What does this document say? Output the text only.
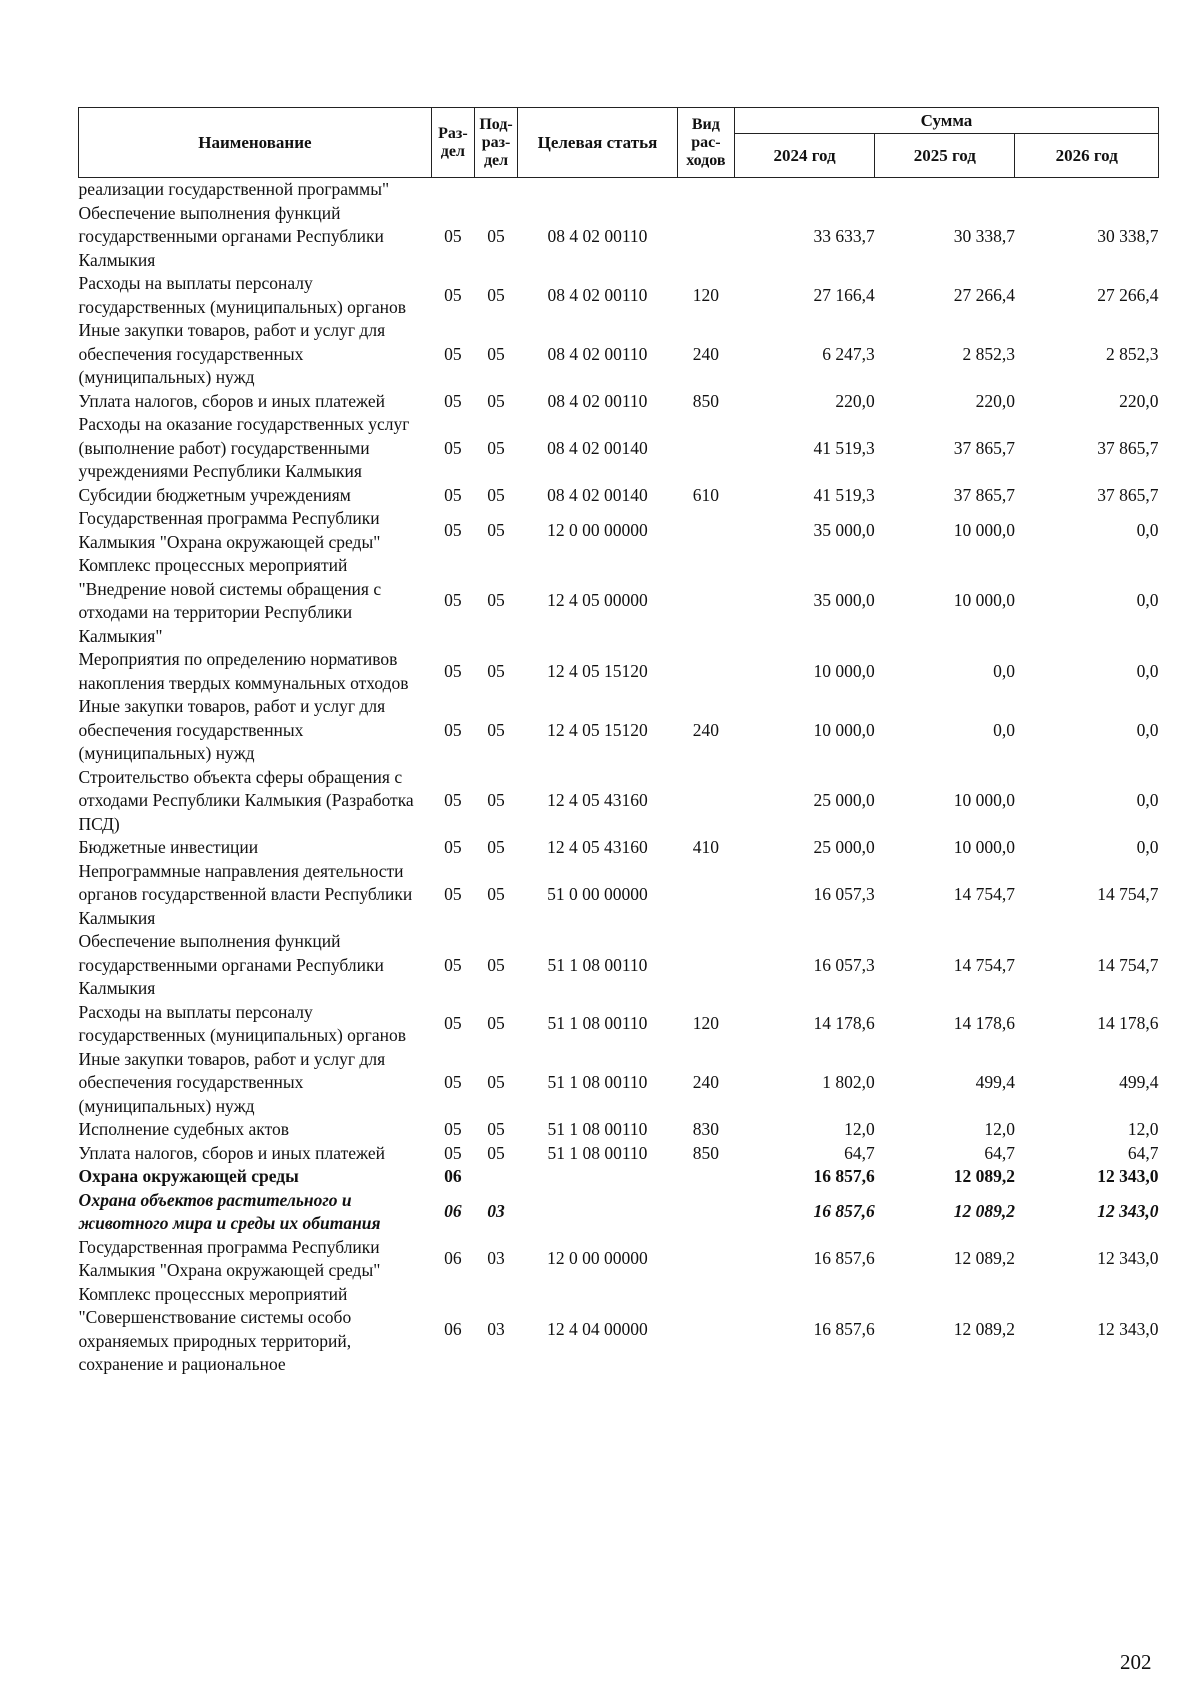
Наименование	Раз-дел	Под-раз-дел	Целевая статья	Вид рас-ходов	Сумма		
					2024 год	2025 год	2026 год
реализации государственной программы"							
Обеспечение выполнения функций государственными органами Республики Калмыкия	05	05	08 4 02 00110		33 633,7	30 338,7	30 338,7
Расходы на выплаты персоналу государственных (муниципальных) органов	05	05	08 4 02 00110	120	27 166,4	27 266,4	27 266,4
Иные закупки товаров, работ и услуг для обеспечения государственных (муниципальных) нужд	05	05	08 4 02 00110	240	6 247,3	2 852,3	2 852,3
Уплата налогов, сборов и иных платежей	05	05	08 4 02 00110	850	220,0	220,0	220,0
Расходы на оказание государственных услуг (выполнение работ) государственными учреждениями Республики Калмыкия	05	05	08 4 02 00140		41 519,3	37 865,7	37 865,7
Субсидии бюджетным учреждениям	05	05	08 4 02 00140	610	41 519,3	37 865,7	37 865,7
Государственная программа Республики Калмыкия "Охрана окружающей среды"	05	05	12 0 00 00000		35 000,0	10 000,0	0,0
Комплекс процессных мероприятий "Внедрение новой системы обращения с отходами на территории Республики Калмыкия"	05	05	12 4 05 00000		35 000,0	10 000,0	0,0
Мероприятия по определению нормативов накопления твердых коммунальных отходов	05	05	12 4 05 15120		10 000,0	0,0	0,0
Иные закупки товаров, работ и услуг для обеспечения государственных (муниципальных) нужд	05	05	12 4 05 15120	240	10 000,0	0,0	0,0
Строительство объекта сферы обращения с отходами Республики Калмыкия (Разработка ПСД)	05	05	12 4 05 43160		25 000,0	10 000,0	0,0
Бюджетные инвестиции	05	05	12 4 05 43160	410	25 000,0	10 000,0	0,0
Непрограммные направления деятельности органов государственной власти Республики Калмыкия	05	05	51 0 00 00000		16 057,3	14 754,7	14 754,7
Обеспечение выполнения функций государственными органами Республики Калмыкия	05	05	51 1 08 00110		16 057,3	14 754,7	14 754,7
Расходы на выплаты персоналу государственных (муниципальных) органов	05	05	51 1 08 00110	120	14 178,6	14 178,6	14 178,6
Иные закупки товаров, работ и услуг для обеспечения государственных (муниципальных) нужд	05	05	51 1 08 00110	240	1 802,0	499,4	499,4
Исполнение судебных актов	05	05	51 1 08 00110	830	12,0	12,0	12,0
Уплата налогов, сборов и иных платежей	05	05	51 1 08 00110	850	64,7	64,7	64,7
Охрана окружающей среды	06				16 857,6	12 089,2	12 343,0
Охрана объектов растительного и животного мира и среды их обитания	06	03			16 857,6	12 089,2	12 343,0
Государственная программа Республики Калмыкия "Охрана окружающей среды"	06	03	12 0 00 00000		16 857,6	12 089,2	12 343,0
Комплекс процессных мероприятий "Совершенствование системы особо охраняемых природных территорий, сохранение и рациональное	06	03	12 4 04 00000		16 857,6	12 089,2	12 343,0
202
